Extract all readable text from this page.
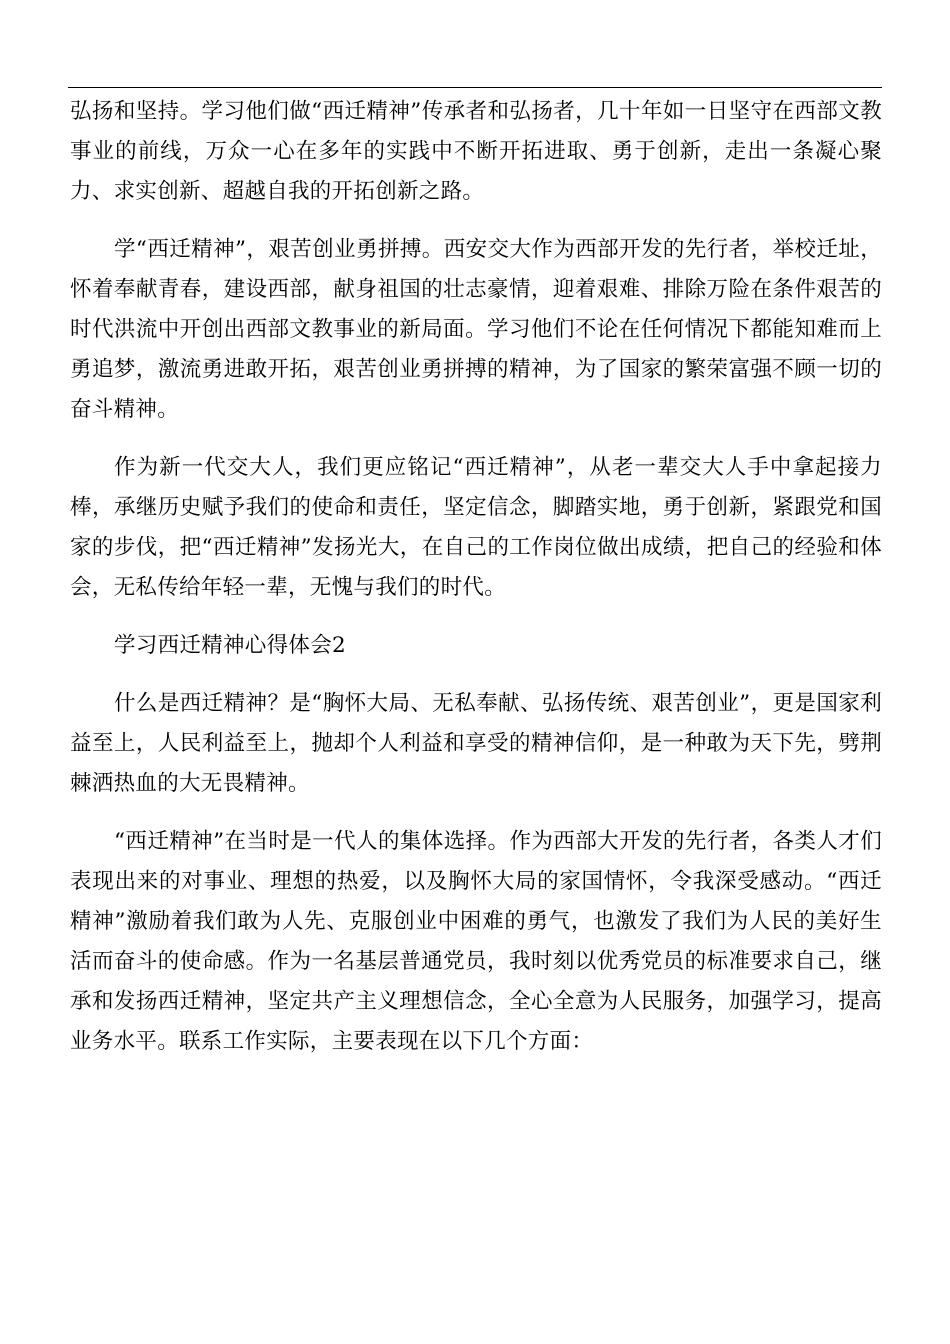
弘扬和坚持。学习他们做“西迁精神”传承者和弘扬者，几十年如一日坚守在西部文教事业的前线，万众一心在多年的实践中不断开拓进取、勇于创新，走出一条凝心聚力、求实创新、超越自我的开拓创新之路。

学“西迁精神”，艰苦创业勇拼搏。西安交大作为西部开发的先行者，举校迁址，怀着奉献青春，建设西部，献身祖国的壮志豪情，迎着艰难、排除万险在条件艰苦的时代洪流中开创出西部文教事业的新局面。学习他们不论在任何情况下都能知难而上勇追梦，激流勇进敢开拓，艰苦创业勇拼搏的精神，为了国家的繁荣富强不顾一切的奋斗精神。

作为新一代交大人，我们更应铭记“西迁精神”，从老一辈交大人手中拿起接力棒，承继历史赋予我们的使命和责任，坚定信念，脚踏实地，勇于创新，紧跟党和国家的步伐，把“西迁精神”发扬光大，在自己的工作岗位做出成绩，把自己的经验和体会，无私传给年轻一辈，无愧与我们的时代。

学习西迁精神心得体会2

什么是西迁精神？是“胸怀大局、无私奉献、弘扬传统、艰苦创业”，更是国家利益至上，人民利益至上，抛却个人利益和享受的精神信仰，是一种敢为天下先，劈荆棘洒热血的大无畏精神。

“西迁精神”在当时是一代人的集体选择。作为西部大开发的先行者，各类人才们表现出来的对事业、理想的热爱，以及胸怀大局的家国情怀，令我深受感动。“西迁精神”激励着我们敢为人先、克服创业中困难的勇气，也激发了我们为人民的美好生活而奋斗的使命感。作为一名基层普通党员，我时刻以优秀党员的标准要求自己，继承和发扬西迁精神，坚定共产主义理想信念，全心全意为人民服务，加强学习，提高业务水平。联系工作实际，主要表现在以下几个方面：
